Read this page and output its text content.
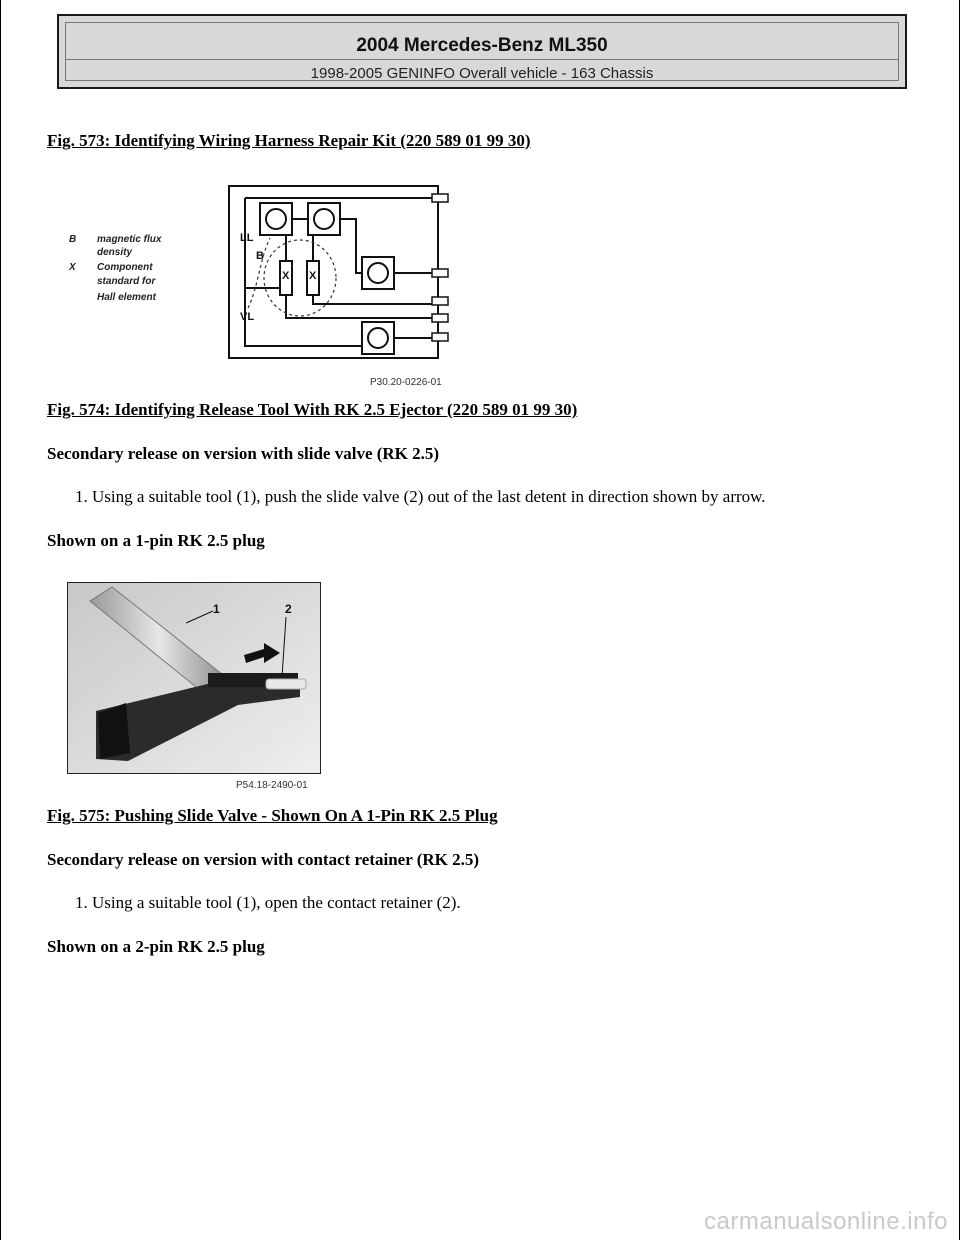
2004 Mercedes-Benz ML350
1998-2005 GENINFO Overall vehicle - 163 Chassis
Fig. 573: Identifying Wiring Harness Repair Kit (220 589 01 99 30)
B magnetic flux
density
X Component
standard for
Hall element
LL
B
X X
VL
P30.20-0226-01
Fig. 574: Identifying Release Tool With RK 2.5 Ejector (220 589 01 99 30)
Secondary release on version with slide valve (RK 2.5)
1. Using a suitable tool (1), push the slide valve (2) out of the last detent in direction shown by arrow.
Shown on a 1-pin RK 2.5 plug
1	2
P54.18-2490-01
Fig. 575: Pushing Slide Valve - Shown On A 1-Pin RK 2.5 Plug
Secondary release on version with contact retainer (RK 2.5)
1. Using a suitable tool (1), open the contact retainer (2).
Shown on a 2-pin RK 2.5 plug
carmanualsonline.info
